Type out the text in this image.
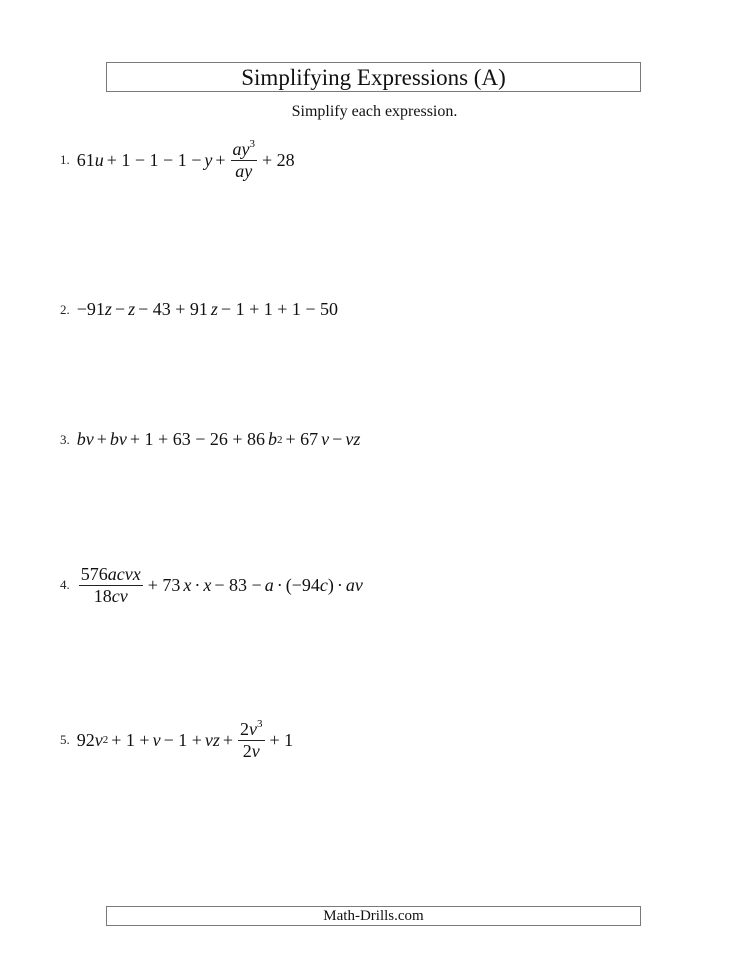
Simplifying Expressions (A)
Simplify each expression.
1. 61 $u + 1 - 1 - 1 - y + \frac{ay^3}{ay} + 28$
2. −91 z − z − 43 + 91 z − 1 + 1 + 1 − 50
3. bv + bv + 1 + 63 − 26 + 86 b 2 + 67 v − vz
4. $\frac{\text{576acvx}}{18cv} + 73$ x · x − 83 − a · (−94 c ) · av
5. 92 v 2 + 1 + v − 1 + vz + $\frac{2v^3}{2v} + 1$
Math-Drills.com
